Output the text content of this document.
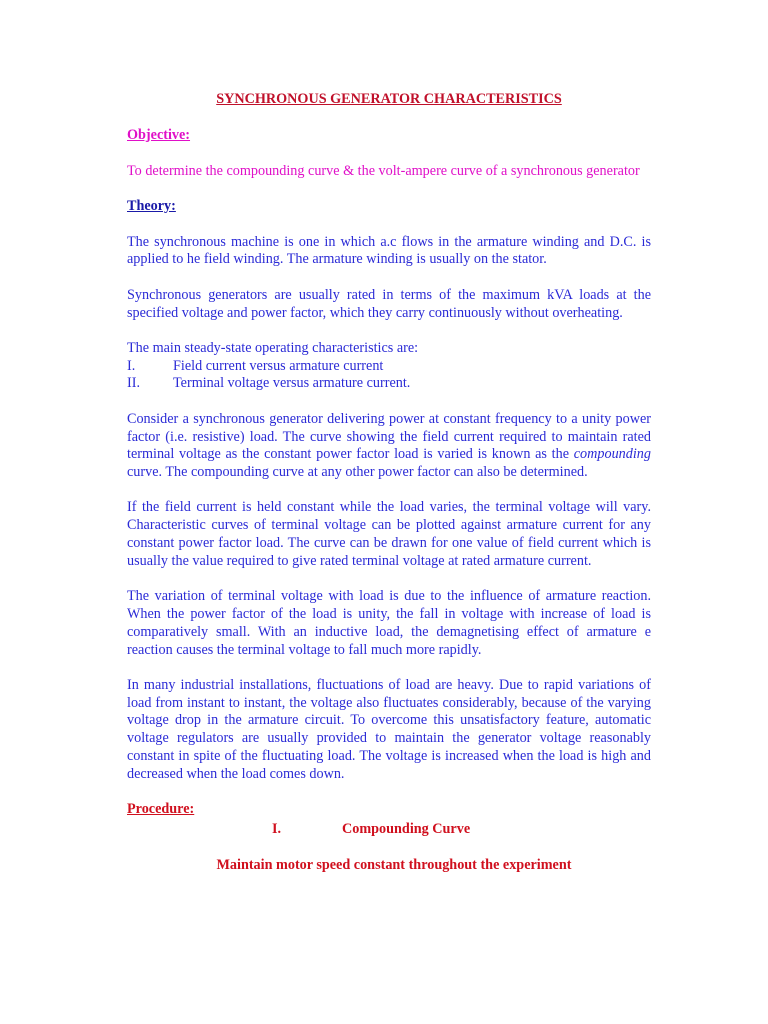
SYNCHRONOUS GENERATOR CHARACTERISTICS
Objective:

To determine the compounding curve & the volt-ampere curve of a synchronous generator

Theory:

The synchronous machine is one in which a.c flows in the armature winding and D.C. is applied to he field winding. The armature winding is usually on the stator.

Synchronous generators are usually rated in terms of the maximum kVA loads at the specified voltage and power factor, which they carry continuously without overheating.

The main steady-state operating characteristics are:
I.	Field current versus armature current
II.	Terminal voltage versus armature current.

Consider a synchronous generator delivering power at constant frequency to a unity power factor (i.e. resistive) load. The curve showing the field current required to maintain rated terminal voltage as the constant power factor load is varied is known as the compounding curve. The compounding curve at any other power factor can also be determined.

If the field current is held constant while the load varies, the terminal voltage will vary. Characteristic curves of terminal voltage can be plotted against armature current for any constant power factor load. The curve can be drawn for one value of field current which is usually the value required to give rated terminal voltage at rated armature current.

The variation of terminal voltage with load is due to the influence of armature reaction. When the power factor of the load is unity, the fall in voltage with increase of load is comparatively small. With an inductive load, the demagnetising effect of armature e reaction causes the terminal voltage to fall much more rapidly.

In many industrial installations, fluctuations of load are heavy. Due to rapid variations of load from instant to instant, the voltage also fluctuates considerably, because of the varying voltage drop in the armature circuit. To overcome this unsatisfactory feature, automatic voltage regulators are usually provided to maintain the generator voltage reasonably constant in spite of the fluctuating load. The voltage is increased when the load is high and decreased when the load comes down.

Procedure:
I.	Compounding Curve
Maintain motor speed constant throughout the experiment
